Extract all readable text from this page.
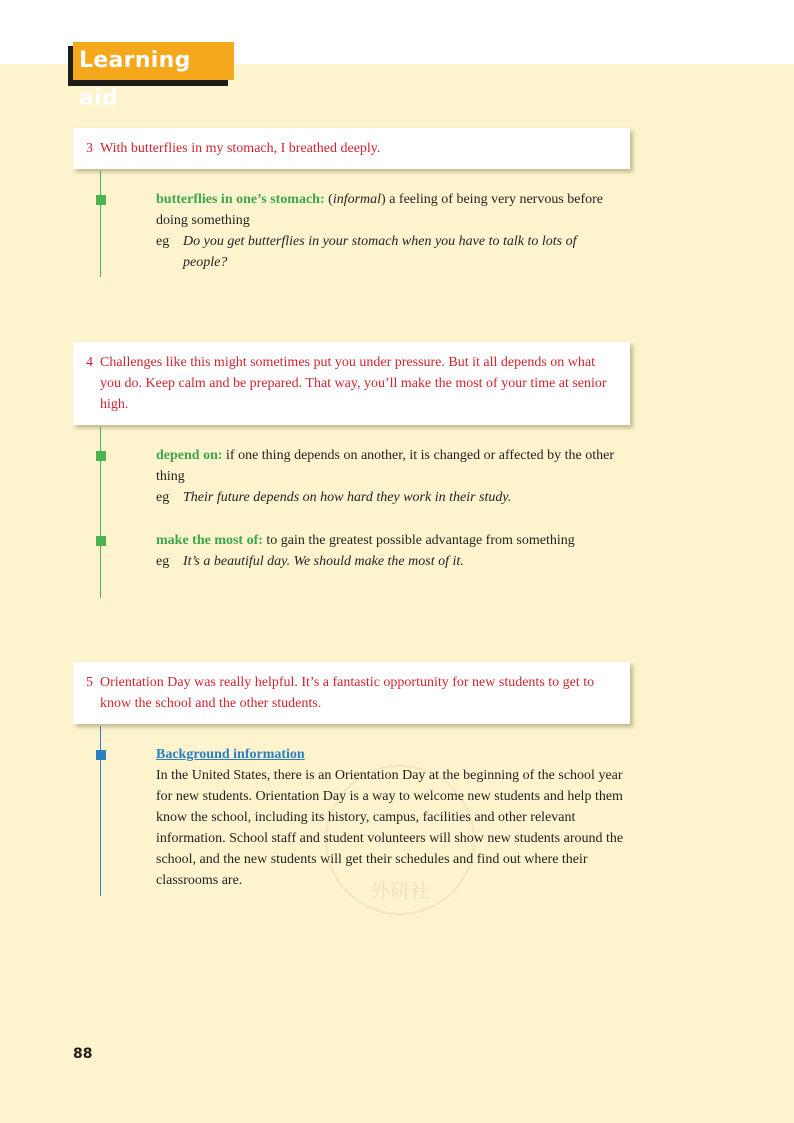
Learning aid
外研社
3 With butterflies in my stomach, I breathed deeply.
butterflies in one’s stomach: (informal) a feeling of being very nervous before doing something
eg Do you get butterflies in your stomach when you have to talk to lots of people?
4 Challenges like this might sometimes put you under pressure. But it all depends on what you do. Keep calm and be prepared. That way, you’ll make the most of your time at senior high.
depend on: if one thing depends on another, it is changed or affected by the other thing
eg Their future depends on how hard they work in their study.
make the most of: to gain the greatest possible advantage from something
eg It’s a beautiful day. We should make the most of it.
5 Orientation Day was really helpful. It’s a fantastic opportunity for new students to get to know the school and the other students.
Background information
In the United States, there is an Orientation Day at the beginning of the school year for new students. Orientation Day is a way to welcome new students and help them know the school, including its history, campus, facilities and other relevant information. School staff and student volunteers will show new students around the school, and the new students will get their schedules and find out where their classrooms are.
88
